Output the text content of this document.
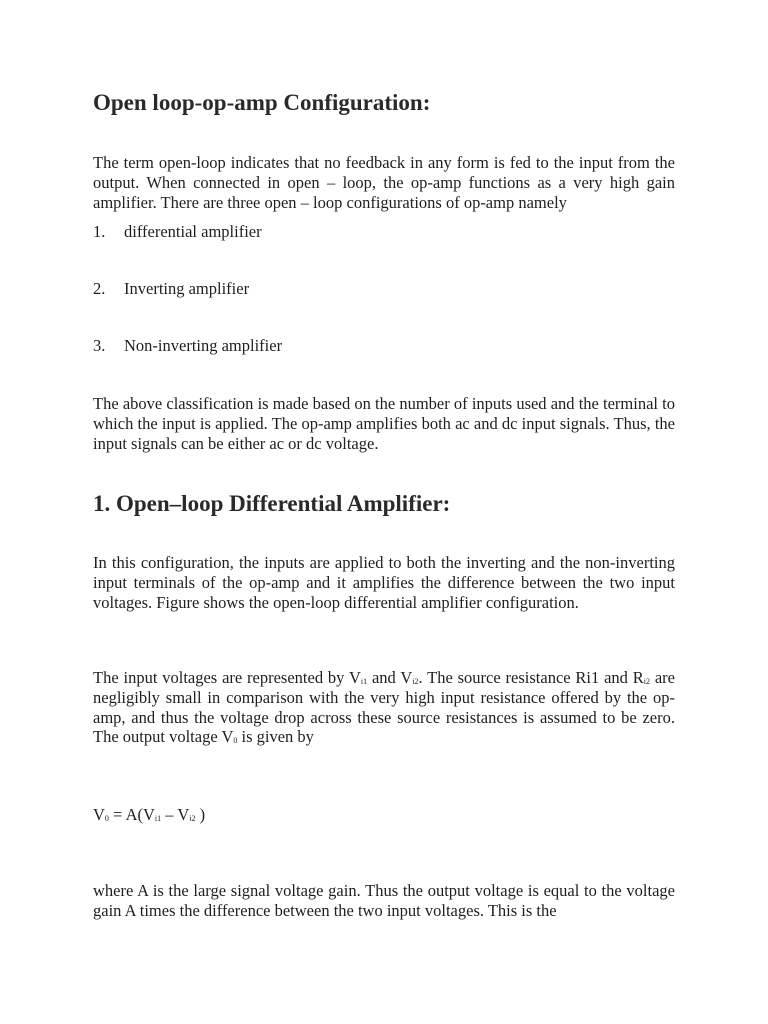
Open loop-op-amp Configuration:

The term open-loop indicates that no feedback in any form is fed to the input from the output. When connected in open – loop, the op-amp functions as a very high gain amplifier. There are three open – loop configurations of op-amp namely

1. differential amplifier
2. Inverting amplifier
3. Non-inverting amplifier

The above classification is made based on the number of inputs used and the terminal to which the input is applied. The op-amp amplifies both ac and dc input signals. Thus, the input signals can be either ac or dc voltage.

1. Open–loop Differential Amplifier:

In this configuration, the inputs are applied to both the inverting and the non-inverting input terminals of the op-amp and it amplifies the difference between the two input voltages. Figure shows the open-loop differential amplifier configuration.

The input voltages are represented by $V_{i1}$ and $V_{i2}$. The source resistance Ri1 and $R_{i2}$ are negligibly small in comparison with the very high input resistance offered by the op-amp, and thus the voltage drop across these source resistances is assumed to be zero. The output voltage $V_0$ is given by

$V_0 = A(V_{i1} - V_{i2}$ )

where A is the large signal voltage gain. Thus the output voltage is equal to the voltage gain A times the difference between the two input voltages. This is the
